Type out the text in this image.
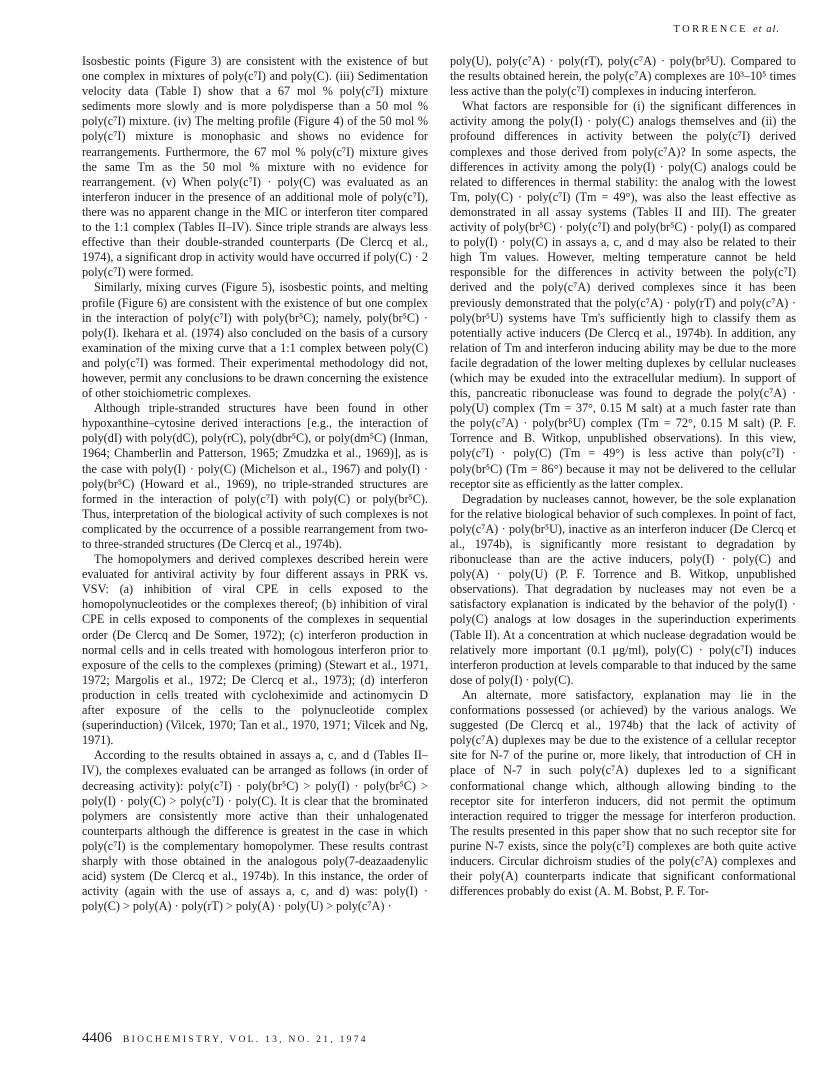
TORRENCE et al.

Isosbestic points (Figure 3) are consistent with the existence of but one complex in mixtures of poly(c⁷I) and poly(C). (iii) Sedimentation velocity data (Table I) show that a 67 mol % poly(c⁷I) mixture sediments more slowly and is more polydisperse than a 50 mol % poly(c⁷I) mixture. (iv) The melting profile (Figure 4) of the 50 mol % poly(c⁷I) mixture is monophasic and shows no evidence for rearrangements. Furthermore, the 67 mol % poly(c⁷I) mixture gives the same Tm as the 50 mol % mixture with no evidence for rearrangement. (v) When poly(c⁷I) · poly(C) was evaluated as an interferon inducer in the presence of an additional mole of poly(c⁷I), there was no apparent change in the MIC or interferon titer compared to the 1:1 complex (Tables II–IV). Since triple strands are always less effective than their double-stranded counterparts (De Clercq et al., 1974), a significant drop in activity would have occurred if poly(C) · 2 poly(c⁷I) were formed.

Similarly, mixing curves (Figure 5), isosbestic points, and melting profile (Figure 6) are consistent with the existence of but one complex in the interaction of poly(c⁷I) with poly(br⁵C); namely, poly(br⁵C) · poly(I). Ikehara et al. (1974) also concluded on the basis of a cursory examination of the mixing curve that a 1:1 complex between poly(C) and poly(c⁷I) was formed. Their experimental methodology did not, however, permit any conclusions to be drawn concerning the existence of other stoichiometric complexes.

Although triple-stranded structures have been found in other hypoxanthine–cytosine derived interactions [e.g., the interaction of poly(dI) with poly(dC), poly(rC), poly(dbr⁵C), or poly(dm⁵C) (Inman, 1964; Chamberlin and Patterson, 1965; Zmudzka et al., 1969)], as is the case with poly(I) · poly(C) (Michelson et al., 1967) and poly(I) · poly(br⁵C) (Howard et al., 1969), no triple-stranded structures are formed in the interaction of poly(c⁷I) with poly(C) or poly(br⁵C). Thus, interpretation of the biological activity of such complexes is not complicated by the occurrence of a possible rearrangement from two- to three-stranded structures (De Clercq et al., 1974b).

The homopolymers and derived complexes described herein were evaluated for antiviral activity by four different assays in PRK vs. VSV: (a) inhibition of viral CPE in cells exposed to the homopolynucleotides or the complexes thereof; (b) inhibition of viral CPE in cells exposed to components of the complexes in sequential order (De Clercq and De Somer, 1972); (c) interferon production in normal cells and in cells treated with homologous interferon prior to exposure of the cells to the complexes (priming) (Stewart et al., 1971, 1972; Margolis et al., 1972; De Clercq et al., 1973); (d) interferon production in cells treated with cycloheximide and actinomycin D after exposure of the cells to the polynucleotide complex (superinduction) (Vilcek, 1970; Tan et al., 1970, 1971; Vilcek and Ng, 1971).

According to the results obtained in assays a, c, and d (Tables II–IV), the complexes evaluated can be arranged as follows (in order of decreasing activity): poly(c⁷I) · poly(br⁵C) > poly(I) · poly(br⁵C) > poly(I) · poly(C) > poly(c⁷I) · poly(C). It is clear that the brominated polymers are consistently more active than their unhalogenated counterparts although the difference is greatest in the case in which poly(c⁷I) is the complementary homopolymer. These results contrast sharply with those obtained in the analogous poly(7-deazaadenylic acid) system (De Clercq et al., 1974b). In this instance, the order of activity (again with the use of assays a, c, and d) was: poly(I) · poly(C) > poly(A) · poly(rT) > poly(A) · poly(U) > poly(c⁷A) ·

poly(U), poly(c⁷A) · poly(rT), poly(c⁷A) · poly(br⁵U). Compared to the results obtained herein, the poly(c⁷A) complexes are 10³–10⁵ times less active than the poly(c⁷I) complexes in inducing interferon.

What factors are responsible for (i) the significant differences in activity among the poly(I) · poly(C) analogs themselves and (ii) the profound differences in activity between the poly(c⁷I) derived complexes and those derived from poly(c⁷A)? In some aspects, the differences in activity among the poly(I) · poly(C) analogs could be related to differences in thermal stability: the analog with the lowest Tm, poly(C) · poly(c⁷I) (Tm = 49°), was also the least effective as demonstrated in all assay systems (Tables II and III). The greater activity of poly(br⁵C) · poly(c⁷I) and poly(br⁵C) · poly(I) as compared to poly(I) · poly(C) in assays a, c, and d may also be related to their high Tm values. However, melting temperature cannot be held responsible for the differences in activity between the poly(c⁷I) derived and the poly(c⁷A) derived complexes since it has been previously demonstrated that the poly(c⁷A) · poly(rT) and poly(c⁷A) · poly(br⁵U) systems have Tm's sufficiently high to classify them as potentially active inducers (De Clercq et al., 1974b). In addition, any relation of Tm and interferon inducing ability may be due to the more facile degradation of the lower melting duplexes by cellular nucleases (which may be exuded into the extracellular medium). In support of this, pancreatic ribonuclease was found to degrade the poly(c⁷A) · poly(U) complex (Tm = 37°, 0.15 M salt) at a much faster rate than the poly(c⁷A) · poly(br⁵U) complex (Tm = 72°, 0.15 M salt) (P. F. Torrence and B. Witkop, unpublished observations). In this view, poly(c⁷I) · poly(C) (Tm = 49°) is less active than poly(c⁷I) · poly(br⁵C) (Tm = 86°) because it may not be delivered to the cellular receptor site as efficiently as the latter complex.

Degradation by nucleases cannot, however, be the sole explanation for the relative biological behavior of such complexes. In point of fact, poly(c⁷A) · poly(br⁵U), inactive as an interferon inducer (De Clercq et al., 1974b), is significantly more resistant to degradation by ribonuclease than are the active inducers, poly(I) · poly(C) and poly(A) · poly(U) (P. F. Torrence and B. Witkop, unpublished observations). That degradation by nucleases may not even be a satisfactory explanation is indicated by the behavior of the poly(I) · poly(C) analogs at low dosages in the superinduction experiments (Table II). At a concentration at which nuclease degradation would be relatively more important (0.1 μg/ml), poly(C) · poly(c⁷I) induces interferon production at levels comparable to that induced by the same dose of poly(I) · poly(C).

An alternate, more satisfactory, explanation may lie in the conformations possessed (or achieved) by the various analogs. We suggested (De Clercq et al., 1974b) that the lack of activity of poly(c⁷A) duplexes may be due to the existence of a cellular receptor site for N-7 of the purine or, more likely, that introduction of CH in place of N-7 in such poly(c⁷A) duplexes led to a significant conformational change which, although allowing binding to the receptor site for interferon inducers, did not permit the optimum interaction required to trigger the message for interferon production. The results presented in this paper show that no such receptor site for purine N-7 exists, since the poly(c⁷I) complexes are both quite active inducers. Circular dichroism studies of the poly(c⁷A) complexes and their poly(A) counterparts indicate that significant conformational differences probably do exist (A. M. Bobst, P. F. Tor-

4406 BIOCHEMISTRY, VOL. 13, NO. 21, 1974
